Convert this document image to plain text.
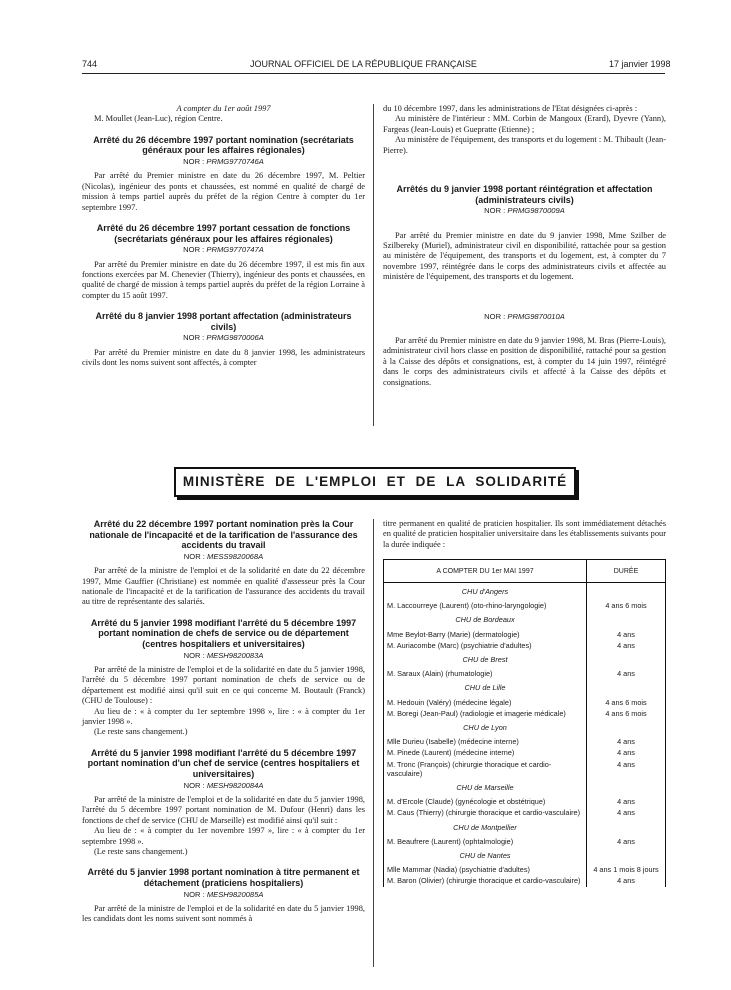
744	JOURNAL OFFICIEL DE LA RÉPUBLIQUE FRANÇAISE	17 janvier 1998

A compter du 1er août 1997

M. Moullet (Jean-Luc), région Centre.

Arrêté du 26 décembre 1997 portant nomination (secrétariats généraux pour les affaires régionales)
NOR : PRMG9770746A

Par arrêté du Premier ministre en date du 26 décembre 1997, M. Peltier (Nicolas), ingénieur des ponts et chaussées, est nommé en qualité de chargé de mission à temps partiel auprès du préfet de la région Centre à compter du 1er septembre 1997.

Arrêté du 26 décembre 1997 portant cessation de fonctions (secrétariats généraux pour les affaires régionales)
NOR : PRMG9770747A

Par arrêté du Premier ministre en date du 26 décembre 1997, il est mis fin aux fonctions exercées par M. Chenevier (Thierry), ingénieur des ponts et chaussées, en qualité de chargé de mission à temps partiel auprès du préfet de la région Lorraine à compter du 15 août 1997.

Arrêté du 8 janvier 1998 portant affectation (administrateurs civils)
NOR : PRMG9870006A

Par arrêté du Premier ministre en date du 8 janvier 1998, les administrateurs civils dont les noms suivent sont affectés, à compter

du 10 décembre 1997, dans les administrations de l'Etat désignées ci-après :

Au ministère de l'intérieur : MM. Corbin de Mangoux (Erard), Dyevre (Yann), Fargeas (Jean-Louis) et Guepratte (Etienne) ;

Au ministère de l'équipement, des transports et du logement : M. Thibault (Jean-Pierre).

Arrêtés du 9 janvier 1998 portant réintégration et affectation (administrateurs civils)
NOR : PRMG9870009A

Par arrêté du Premier ministre en date du 9 janvier 1998, Mme Szilber de Szilbereky (Muriel), administrateur civil en disponibilité, rattachée pour sa gestion au ministère de l'équipement, des transports et du logement, est, à compter du 7 novembre 1997, réintégrée dans le corps des administrateurs civils et affectée au ministère de l'équipement, des transports et du logement.

NOR : PRMG9870010A

Par arrêté du Premier ministre en date du 9 janvier 1998, M. Bras (Pierre-Louis), administrateur civil hors classe en position de disponibilité, rattaché pour sa gestion à la Caisse des dépôts et consignations, est, à compter du 14 juin 1997, réintégré dans le corps des administrateurs civils et affecté à la Caisse des dépôts et consignations.

MINISTÈRE DE L'EMPLOI ET DE LA SOLIDARITÉ
Arrêté du 22 décembre 1997 portant nomination près la Cour nationale de l'incapacité et de la tarification de l'assurance des accidents du travail
NOR : MESS9820068A

Par arrêté de la ministre de l'emploi et de la solidarité en date du 22 décembre 1997, Mme Gauffier (Christiane) est nommée en qualité d'assesseur près la Cour nationale de l'incapacité et de la tarification de l'assurance des accidents du travail au titre de représentante des salariés.

Arrêté du 5 janvier 1998 modifiant l'arrêté du 5 décembre 1997 portant nomination de chefs de service ou de département (centres hospitaliers et universitaires)
NOR : MESH9820083A

Par arrêté de la ministre de l'emploi et de la solidarité en date du 5 janvier 1998, l'arrêté du 5 décembre 1997 portant nomination de chefs de service ou de département est modifié ainsi qu'il suit en ce qui concerne M. Boutault (Franck) (CHU de Toulouse) :

Au lieu de : « à compter du 1er septembre 1998 », lire : « à compter du 1er janvier 1998 ».

(Le reste sans changement.)

Arrêté du 5 janvier 1998 modifiant l'arrêté du 5 décembre 1997 portant nomination d'un chef de service (centres hospitaliers et universitaires)
NOR : MESH9820084A

Par arrêté de la ministre de l'emploi et de la solidarité en date du 5 janvier 1998, l'arrêté du 5 décembre 1997 portant nomination de M. Dufour (Henri) dans les fonctions de chef de service (CHU de Marseille) est modifié ainsi qu'il suit :

Au lieu de : « à compter du 1er novembre 1997 », lire : « à compter du 1er septembre 1998 ».

(Le reste sans changement.)

Arrêté du 5 janvier 1998 portant nomination à titre permanent et détachement (praticiens hospitaliers)
NOR : MESH9820085A

Par arrêté de la ministre de l'emploi et de la solidarité en date du 5 janvier 1998, les candidats dont les noms suivent sont nommés à

titre permanent en qualité de praticien hospitalier. Ils sont immédiatement détachés en qualité de praticien hospitalier universitaire dans les établissements suivants pour la durée indiquée :

A COMPTER DU 1er MAI 1997	DURÉE
CHU d'Angers	
M. Laccourreye (Laurent) (oto-rhino-laryngologie)	4 ans 6 mois
CHU de Bordeaux	
Mme Beylot-Barry (Marie) (dermatologie)	4 ans
M. Auriacombe (Marc) (psychiatrie d'adultes)	4 ans
CHU de Brest	
M. Saraux (Alain) (rhumatologie)	4 ans
CHU de Lille	
M. Hedouin (Valéry) (médecine légale)	4 ans 6 mois
M. Boregi (Jean-Paul) (radiologie et imagerie médicale)	4 ans 6 mois
CHU de Lyon	
Mlle Durieu (Isabelle) (médecine interne)	4 ans
M. Pinede (Laurent) (médecine interne)	4 ans
M. Tronc (François) (chirurgie thoracique et cardio-vasculaire)	4 ans
CHU de Marseille	
M. d'Ercole (Claude) (gynécologie et obstétrique)	4 ans
M. Caus (Thierry) (chirurgie thoracique et cardio-vasculaire)	4 ans
CHU de Montpellier	
M. Beaufrere (Laurent) (ophtalmologie)	4 ans
CHU de Nantes	
Mlle Mammar (Nadia) (psychiatrie d'adultes)	4 ans 1 mois 8 jours
M. Baron (Olivier) (chirurgie thoracique et cardio-vasculaire)	4 ans
